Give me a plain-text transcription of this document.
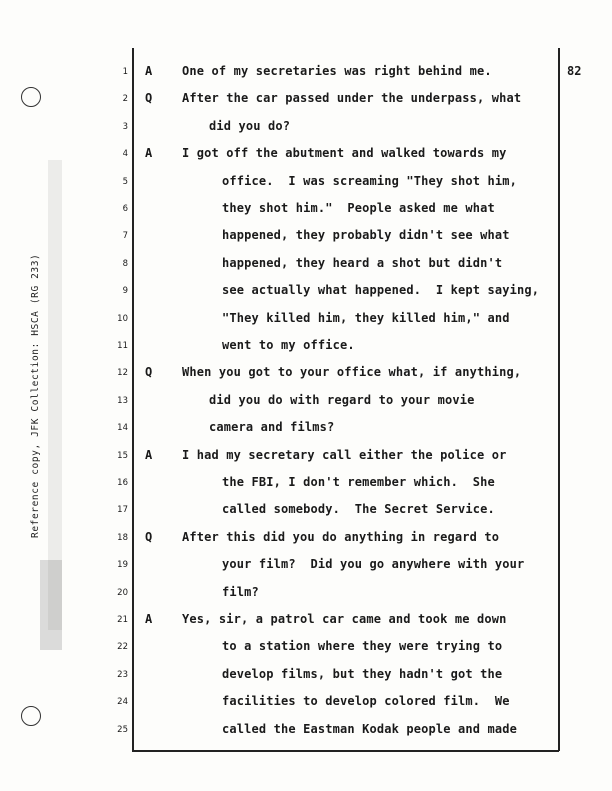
82
Reference copy, JFK Collection: HSCA (RG 233)
1 A One of my secretaries was right behind me.
2 Q After the car passed under the underpass, what
3	did you do?
4 A I got off the abutment and walked towards my
5	office.  I was screaming "They shot him,
6	they shot him."  People asked me what
7	happened, they probably didn't see what
8	happened, they heard a shot but didn't
9	see actually what happened.  I kept saying,
10	"They killed him, they killed him," and
11	went to my office.
12 Q When you got to your office what, if anything,
13	did you do with regard to your movie
14	camera and films?
15 A I had my secretary call either the police or
16	the FBI, I don't remember which.  She
17	called somebody.  The Secret Service.
18 Q After this did you do anything in regard to
19	your film?  Did you go anywhere with your
20	film?
21 A Yes, sir, a patrol car came and took me down
22	to a station where they were trying to
23	develop films, but they hadn't got the
24	facilities to develop colored film.  We
25	called the Eastman Kodak people and made
